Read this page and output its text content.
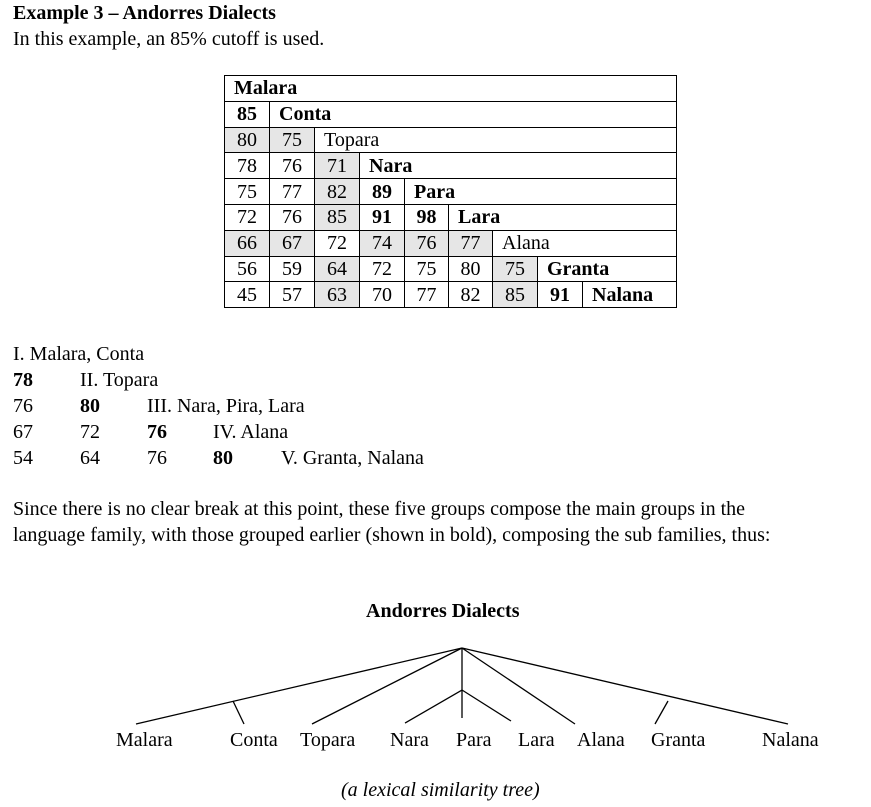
Example 3 – Andorres Dialects
In this example, an 85% cutoff is used.
Malara								
85	Conta							
80	75	Topara						
78	76	71	Nara					
75	77	82	89	Para				
72	76	85	91	98	Lara			
66	67	72	74	76	77	Alana		
56	59	64	72	75	80	75	Granta	
45	57	63	70	77	82	85	91	Nalana
I. Malara, Conta
78 II. Topara
76 80 III. Nara, Pira, Lara
67 72 76 IV. Alana
54 64 76 80 V. Granta, Nalana
Since there is no clear break at this point, these five groups compose the main groups in the
language family, with those grouped earlier (shown in bold), composing the sub families, thus:
Andorres Dialects
Malara	Conta Topara Nara Para Lara Alana Granta	Nalana
(a lexical similarity tree)
